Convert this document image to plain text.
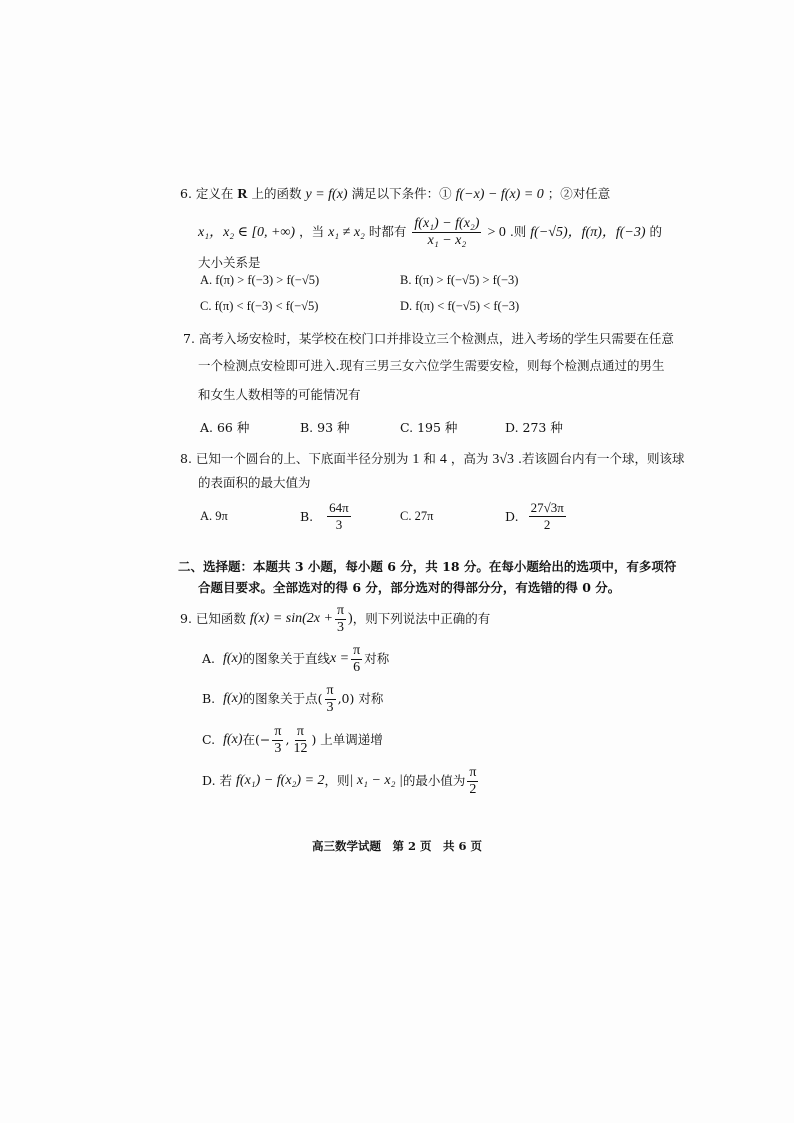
6. 定义在 R 上的函数 y = f(x) 满足以下条件：① f(−x) − f(x) = 0 ；②对任意
x₁，x₂ ∈ [0, +∞) ，当 x₁ ≠ x₂ 时都有 $\frac{\text{f(x₁) − f(x₂)}}{\text{x₁ − x₂}} > 0$ .则 f(−√5)，f(π)，f(−3) 的
大小关系是
A. f(π) > f(−3) > f(−√5)	B. f(π) > f(−√5) > f(−3)
C. f(π) < f(−3) < f(−√5)	D. f(π) < f(−√5) < f(−3)
7. 高考入场安检时，某学校在校门口并排设立三个检测点，进入考场的学生只需要在任意
一个检测点安检即可进入.现有三男三女六位学生需要安检，则每个检测点通过的男生
和女生人数相等的可能情况有
A. 66 种	B. 93 种	C. 195 种	D. 273 种
8. 已知一个圆台的上、下底面半径分别为 1 和 4 ，高为 3√3 .若该圆台内有一个球，则该球
的表面积的最大值为
A. 9π	B. $\frac{64\pi}{3}$	C. 27π	D. $\frac{27√3\pi}{2}$
二、选择题：本题共 3 小题，每小题 6 分，共 18 分。在每小题给出的选项中，有多项符
合题目要求。全部选对的得 6 分，部分选对的得部分分，有选错的得 0 分。
9. 已知函数 $f(x) = \sin(2x + \frac{\pi}{3}$ ) ，则下列说法中正确的有
A. f(x) 的图象关于直线 $x = \frac{\pi}{6}$ 对称
B. f(x) 的图象关于点( $\frac{\pi}{3} ,0$) 对称
C. f(x) 在(− $\frac{\pi}{3}$ , $\frac{\pi}{12}$ ) 上单调递增
D. 若 f(x₁) − f(x₂) = 2 ，则 | x₁ − x₂ | 的最小值为 $\frac{\pi}{2}$
高三数学试题　第 2 页　共 6 页
